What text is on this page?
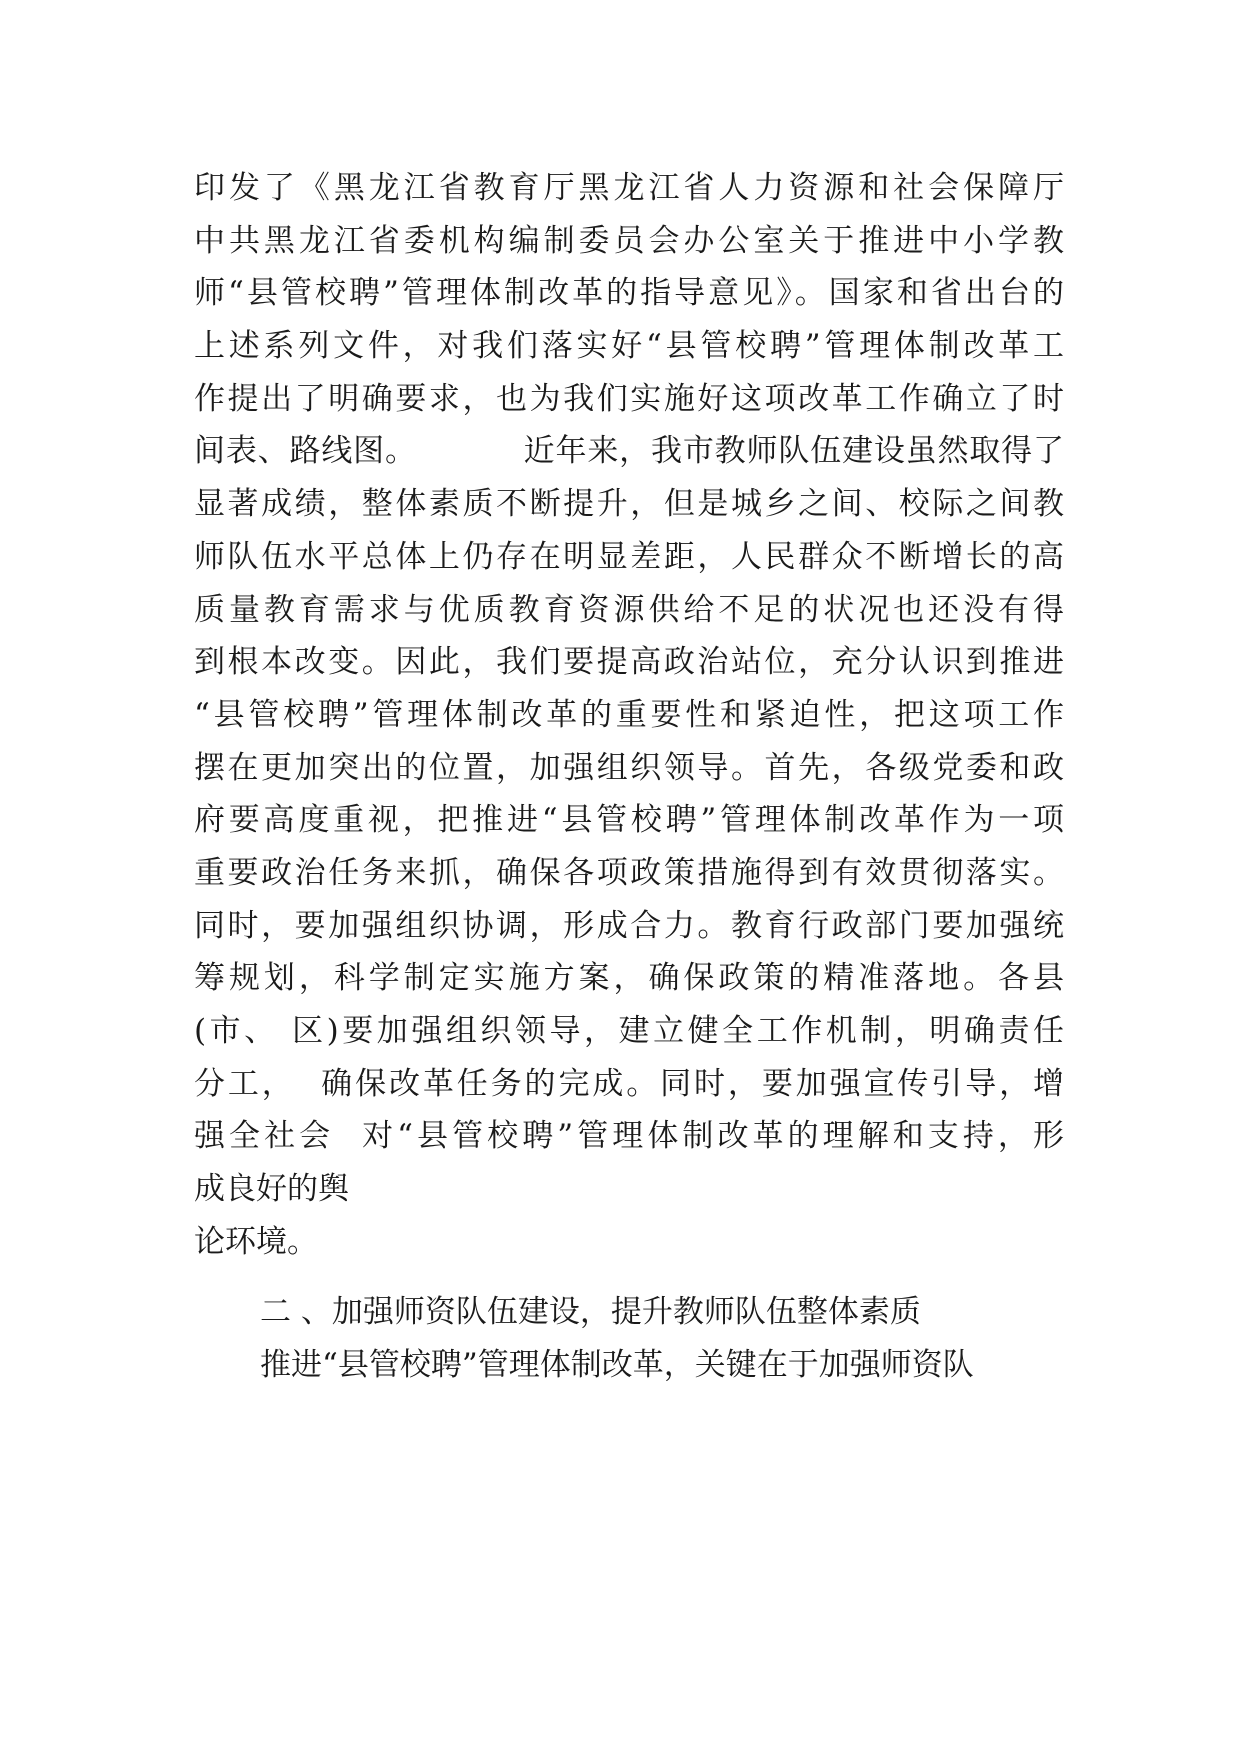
印发了《黑龙江省教育厅黑龙江省人力资源和社会保障厅
中共黑龙江省委机构编制委员会办公室关于推进中小学教
师“县管校聘”管理体制改革的指导意见》。国家和省出台的
上述系列文件，对我们落实好“县管校聘”管理体制改革工
作提出了明确要求，也为我们实施好这项改革工作确立了时
间表、路线图。          近年来，我市教师队伍建设虽然取得了
显著成绩，整体素质不断提升，但是城乡之间、校际之间教
师队伍水平总体上仍存在明显差距，人民群众不断增长的高
质量教育需求与优质教育资源供给不足的状况也还没有得
到根本改变。因此，我们要提高政治站位，充分认识到推进
“县管校聘”管理体制改革的重要性和紧迫性，把这项工作
摆在更加突出的位置，加强组织领导。首先，各级党委和政
府要高度重视，把推进“县管校聘”管理体制改革作为一项
重要政治任务来抓，确保各项政策措施得到有效贯彻落实。
同时，要加强组织协调，形成合力。教育行政部门要加强统
筹规划，科学制定实施方案，确保政策的精准落地。各县
(市、 区)要加强组织领导，建立健全工作机制，明确责任
分工，  确保改革任务的完成。同时，要加强宣传引导，增
强全社会  对“县管校聘”管理体制改革的理解和支持，形
成良好的舆
论环境。
二 、加强师资队伍建设，提升教师队伍整体素质
推进“县管校聘”管理体制改革，关键在于加强师资队
